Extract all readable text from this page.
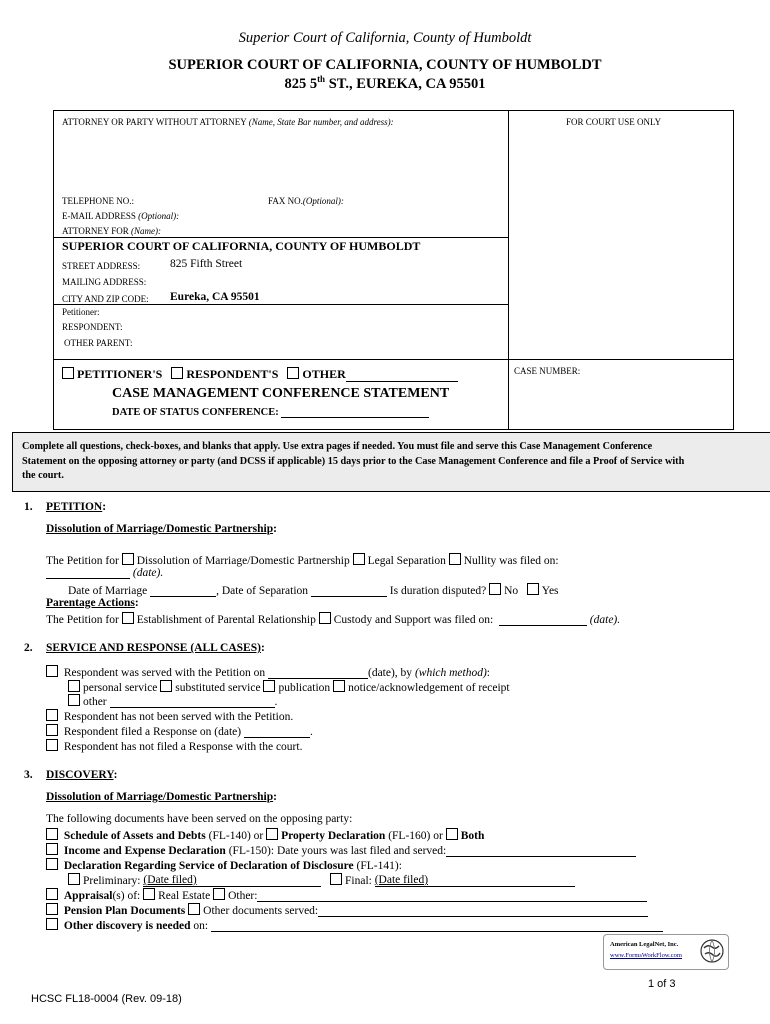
Superior Court of California, County of Humboldt
SUPERIOR COURT OF CALIFORNIA, COUNTY OF HUMBOLDT
825 5th ST., EUREKA, CA 95501
ATTORNEY OR PARTY WITHOUT ATTORNEY (Name, State Bar number, and address):	FOR COURT USE ONLY
TELEPHONE NO.:	FAX NO.(Optional):
E-MAIL ADDRESS (Optional):
ATTORNEY FOR (Name):
SUPERIOR COURT OF CALIFORNIA, COUNTY OF HUMBOLDT
STREET ADDRESS:	825 Fifth Street
MAILING ADDRESS:
CITY AND ZIP CODE: Eureka, CA 95501
Petitioner:
RESPONDENT:
OTHER PARENT:
CASE NUMBER:
PETITIONER'S RESPONDENT'S OTHER
CASE MANAGEMENT CONFERENCE STATEMENT
DATE OF STATUS CONFERENCE:
Complete all questions, check-boxes, and blanks that apply. Use extra pages if needed. You must file and serve this Case Management Conference
Statement on the opposing attorney or party (and DCSS if applicable) 15 days prior to the Case Management Conference and file a Proof of Service with
the court.
1. PETITION:
Dissolution of Marriage/Domestic Partnership:
The Petition for Dissolution of Marriage/Domestic Partnership Legal Separation Nullity was filed on:
(date).
Date of Marriage	, Date of Separation	Is duration disputed? No Yes
Parentage Actions:
The Petition for Establishment of Parental Relationship Custody and Support was filed on:	(date).
2. SERVICE AND RESPONSE (ALL CASES):
Respondent was served with the Petition on	(date), by (which method):
personal service substituted service publication notice/acknowledgement of receipt
other	.
Respondent has not been served with the Petition.
Respondent filed a Response on (date)	.
Respondent has not filed a Response with the court.
3. DISCOVERY:
Dissolution of Marriage/Domestic Partnership:
The following documents have been served on the opposing party:
Schedule of Assets and Debts (FL-140) or Property Declaration (FL-160) or Both
Income and Expense Declaration (FL-150): Date yours was last filed and served:
Declaration Regarding Service of Declaration of Disclosure (FL-141):
Preliminary: (Date filed)	Final: (Date filed)
Appraisal(s) of: Real Estate Other:
Pension Plan Documents Other documents served:
Other discovery is needed on:
American LegalNet, Inc.
www.FormsWorkFlow.com
1 of 3
HCSC FL18-0004 (Rev. 09-18)
